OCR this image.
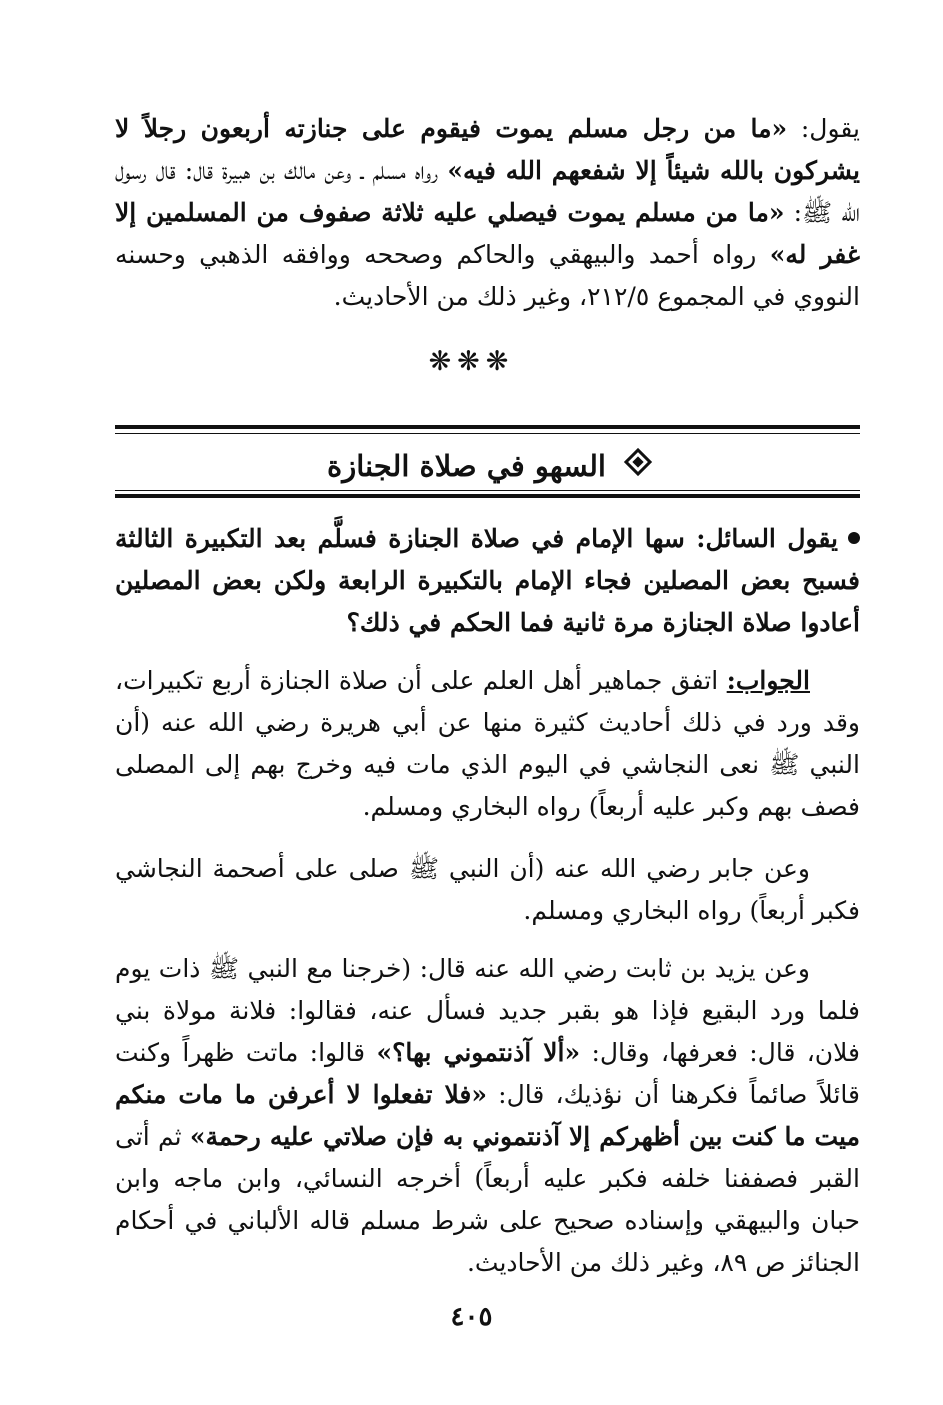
يقول: «ما من رجل مسلم يموت فيقوم على جنازته أربعون رجلاً لا يشركون بالله شيئاً إلا شفعهم الله فيه» رواه مسلم ـ وعن مالك بن هبيرة قال: قال رسول الله ﷺ: «ما من مسلم يموت فيصلي عليه ثلاثة صفوف من المسلمين إلا غفر له» رواه أحمد والبيهقي والحاكم وصححه ووافقه الذهبي وحسنه النووي في المجموع ٢١٢/٥، وغير ذلك من الأحاديث.

❋❋❋
السهو في صلاة الجنازة

يقول السائل: سها الإمام في صلاة الجنازة فسلَّم بعد التكبيرة الثالثة فسبح بعض المصلين فجاء الإمام بالتكبيرة الرابعة ولكن بعض المصلين أعادوا صلاة الجنازة مرة ثانية فما الحكم في ذلك؟

الجواب: اتفق جماهير أهل العلم على أن صلاة الجنازة أربع تكبيرات، وقد ورد في ذلك أحاديث كثيرة منها عن أبي هريرة رضي الله عنه (أن النبي ﷺ نعى النجاشي في اليوم الذي مات فيه وخرج بهم إلى المصلى فصف بهم وكبر عليه أربعاً) رواه البخاري ومسلم.

وعن جابر رضي الله عنه (أن النبي ﷺ صلى على أصحمة النجاشي فكبر أربعاً) رواه البخاري ومسلم.

وعن يزيد بن ثابت رضي الله عنه قال: (خرجنا مع النبي ﷺ ذات يوم فلما ورد البقيع فإذا هو بقبر جديد فسأل عنه، فقالوا: فلانة مولاة بني فلان، قال: فعرفها، وقال: «ألا آذنتموني بها؟» قالوا: ماتت ظهراً وكنت قائلاً صائماً فكرهنا أن نؤذيك، قال: «فلا تفعلوا لا أعرفن ما مات منكم ميت ما كنت بين أظهركم إلا آذنتموني به فإن صلاتي عليه رحمة» ثم أتى القبر فصففنا خلفه فكبر عليه أربعاً) أخرجه النسائي، وابن ماجه وابن حبان والبيهقي وإسناده صحيح على شرط مسلم قاله الألباني في أحكام الجنائز ص ٨٩، وغير ذلك من الأحاديث.

٤٠٥
